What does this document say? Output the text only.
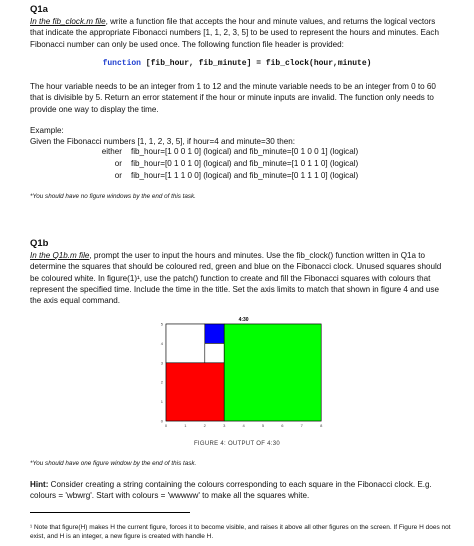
Q1a
In the fib_clock.m file, write a function file that accepts the hour and minute values, and returns the logical vectors that indicate the appropriate Fibonacci numbers [1, 1, 2, 3, 5] to be used to represent the hours and minutes. Each Fibonacci number can only be used once. The following function file header is provided:
function [fib_hour, fib_minute] = fib_clock(hour,minute)
The hour variable needs to be an integer from 1 to 12 and the minute variable needs to be an integer from 0 to 60 that is divisible by 5. Return an error statement if the hour or minute inputs are invalid. The function only needs to provide one way to display the time.
Example:
Given the Fibonacci numbers [1, 1, 2, 3, 5], if hour=4 and minute=30 then:
either fib_hour=[1 0 0 1 0] (logical) and fib_minute=[0 1 0 0 1] (logical)
or fib_hour=[0 1 0 1 0] (logical) and fib_minute=[1 0 1 1 0] (logical)
or fib_hour=[1 1 1 0 0] (logical) and fib_minute=[0 1 1 1 0] (logical)
*You should have no figure windows by the end of this task.
Q1b
In the Q1b.m file, prompt the user to input the hours and minutes. Use the fib_clock() function written in Q1a to determine the squares that should be coloured red, green and blue on the Fibonacci clock. Unused squares should be coloured white. In figure(1)¹, use the patch() function to create and fill the Fibonacci squares with colours that represent the specified time. Include the time in the title. Set the axis limits to match that shown in figure 4 and use the axis equal command.
4:30
0	1	2	3	4	5	6	7	8
0
1
2
3
4
5
FIGURE 4: OUTPUT OF 4:30
*You should have one figure window by the end of this task.
Hint: Consider creating a string containing the colours corresponding to each square in the Fibonacci clock. E.g. colours = 'wbwrg'. Start with colours = 'wwwww' to make all the squares white.
¹ Note that figure(H) makes H the current figure, forces it to become visible, and raises it above all other figures on the screen. If Figure H does not exist, and H is an integer, a new figure is created with handle H.
